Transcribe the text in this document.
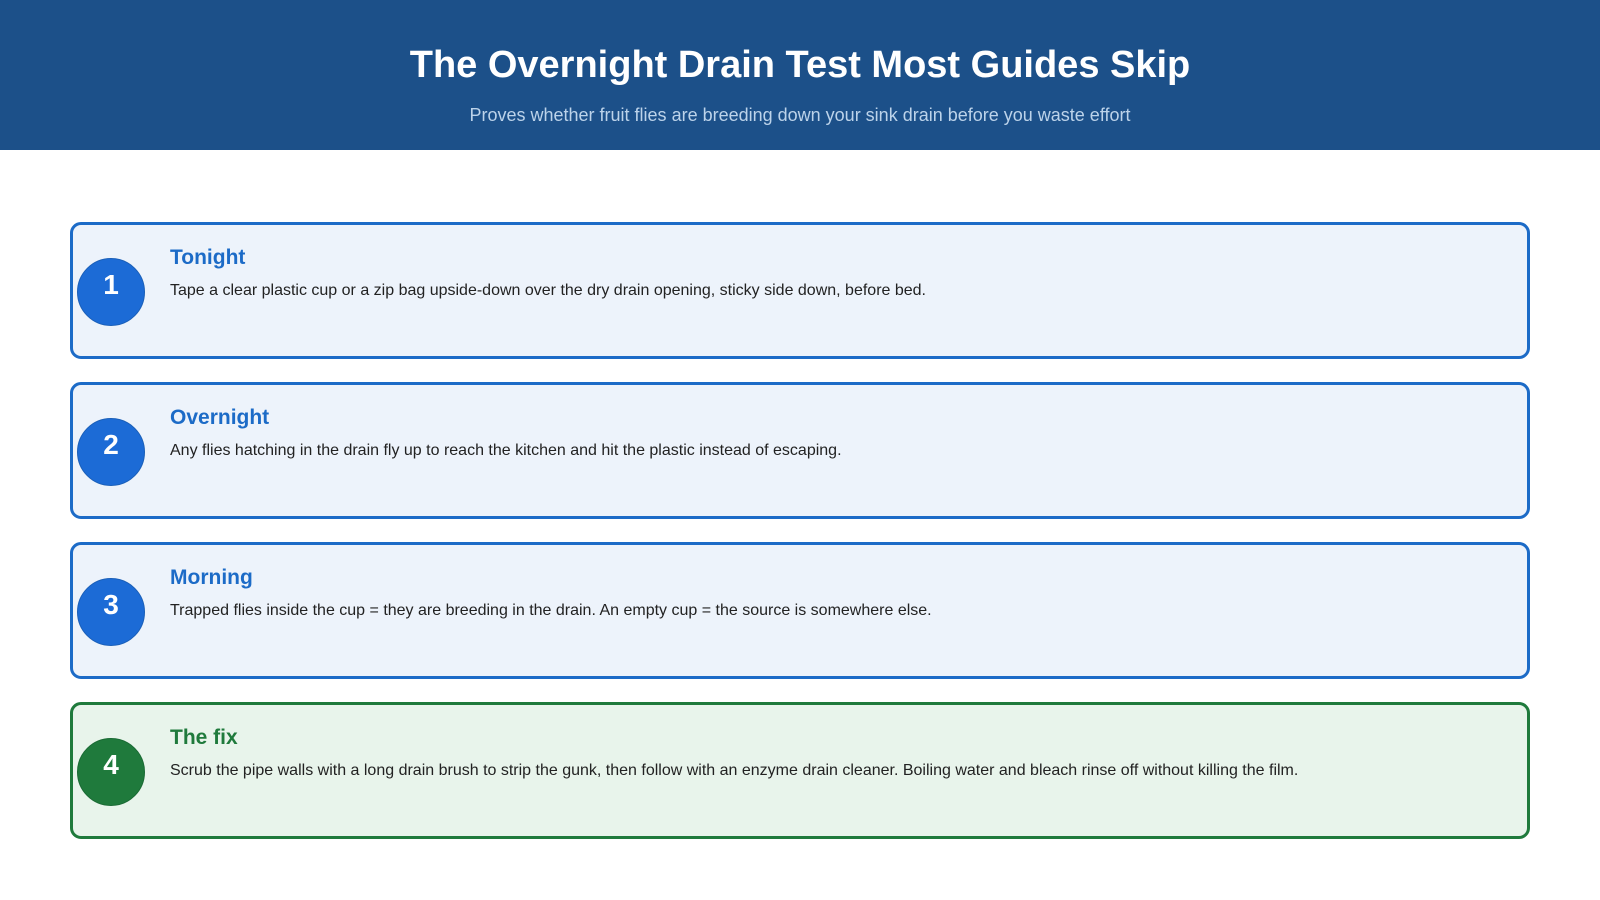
The Overnight Drain Test Most Guides Skip
Proves whether fruit flies are breeding down your sink drain before you waste effort
1
Tonight
Tape a clear plastic cup or a zip bag upside-down over the dry drain opening, sticky side down, before bed.
2
Overnight
Any flies hatching in the drain fly up to reach the kitchen and hit the plastic instead of escaping.
3
Morning
Trapped flies inside the cup = they are breeding in the drain. An empty cup = the source is somewhere else.
4
The fix
Scrub the pipe walls with a long drain brush to strip the gunk, then follow with an enzyme drain cleaner. Boiling water and bleach rinse off without killing the film.
